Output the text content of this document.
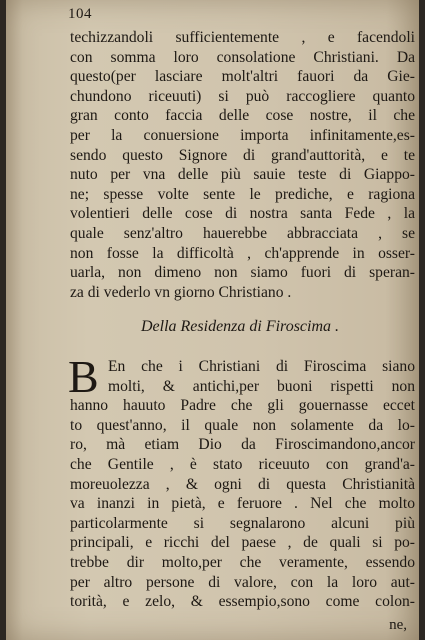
104
techizzandoli sufficientemente , e facendoli
con somma loro consolatione Christiani. Da
questo(per lasciare molt'altri fauori da Gie-
chundono riceuuti) si può raccogliere quanto
gran conto faccia delle cose nostre, il che
per la conuersione importa infinitamente,es-
sendo questo Signore di grand'auttorità, e te
nuto per vna delle più sauie teste di Giappo-
ne; spesse volte sente le prediche, e ragiona
volentieri delle cose di nostra santa Fede , la
quale senz'altro hauerebbe abbracciata , se
non fosse la difficoltà , ch'apprende in osser-
uarla, non dimeno non siamo fuori di speran-
za di vederlo vn giorno Christiano .
Della Residenza di Firoscima .
B En che i Christiani di Firoscima siano
molti, & antichi,per buoni rispetti non
hanno hauuto Padre che gli gouernasse eccet
to quest'anno, il quale non solamente da lo-
ro, mà etiam Dio da Firoscimandono,ancor
che Gentile , è stato riceuuto con grand'a-
moreuolezza , & ogni di questa Christianità
va inanzi in pietà, e feruore . Nel che molto
particolarmente si segnalarono alcuni più
principali, e ricchi del paese , de quali si po-
trebbe dir molto,per che veramente, essendo
per altro persone di valore, con la loro aut-
torità, e zelo, & essempio,sono come colon-
ne,
